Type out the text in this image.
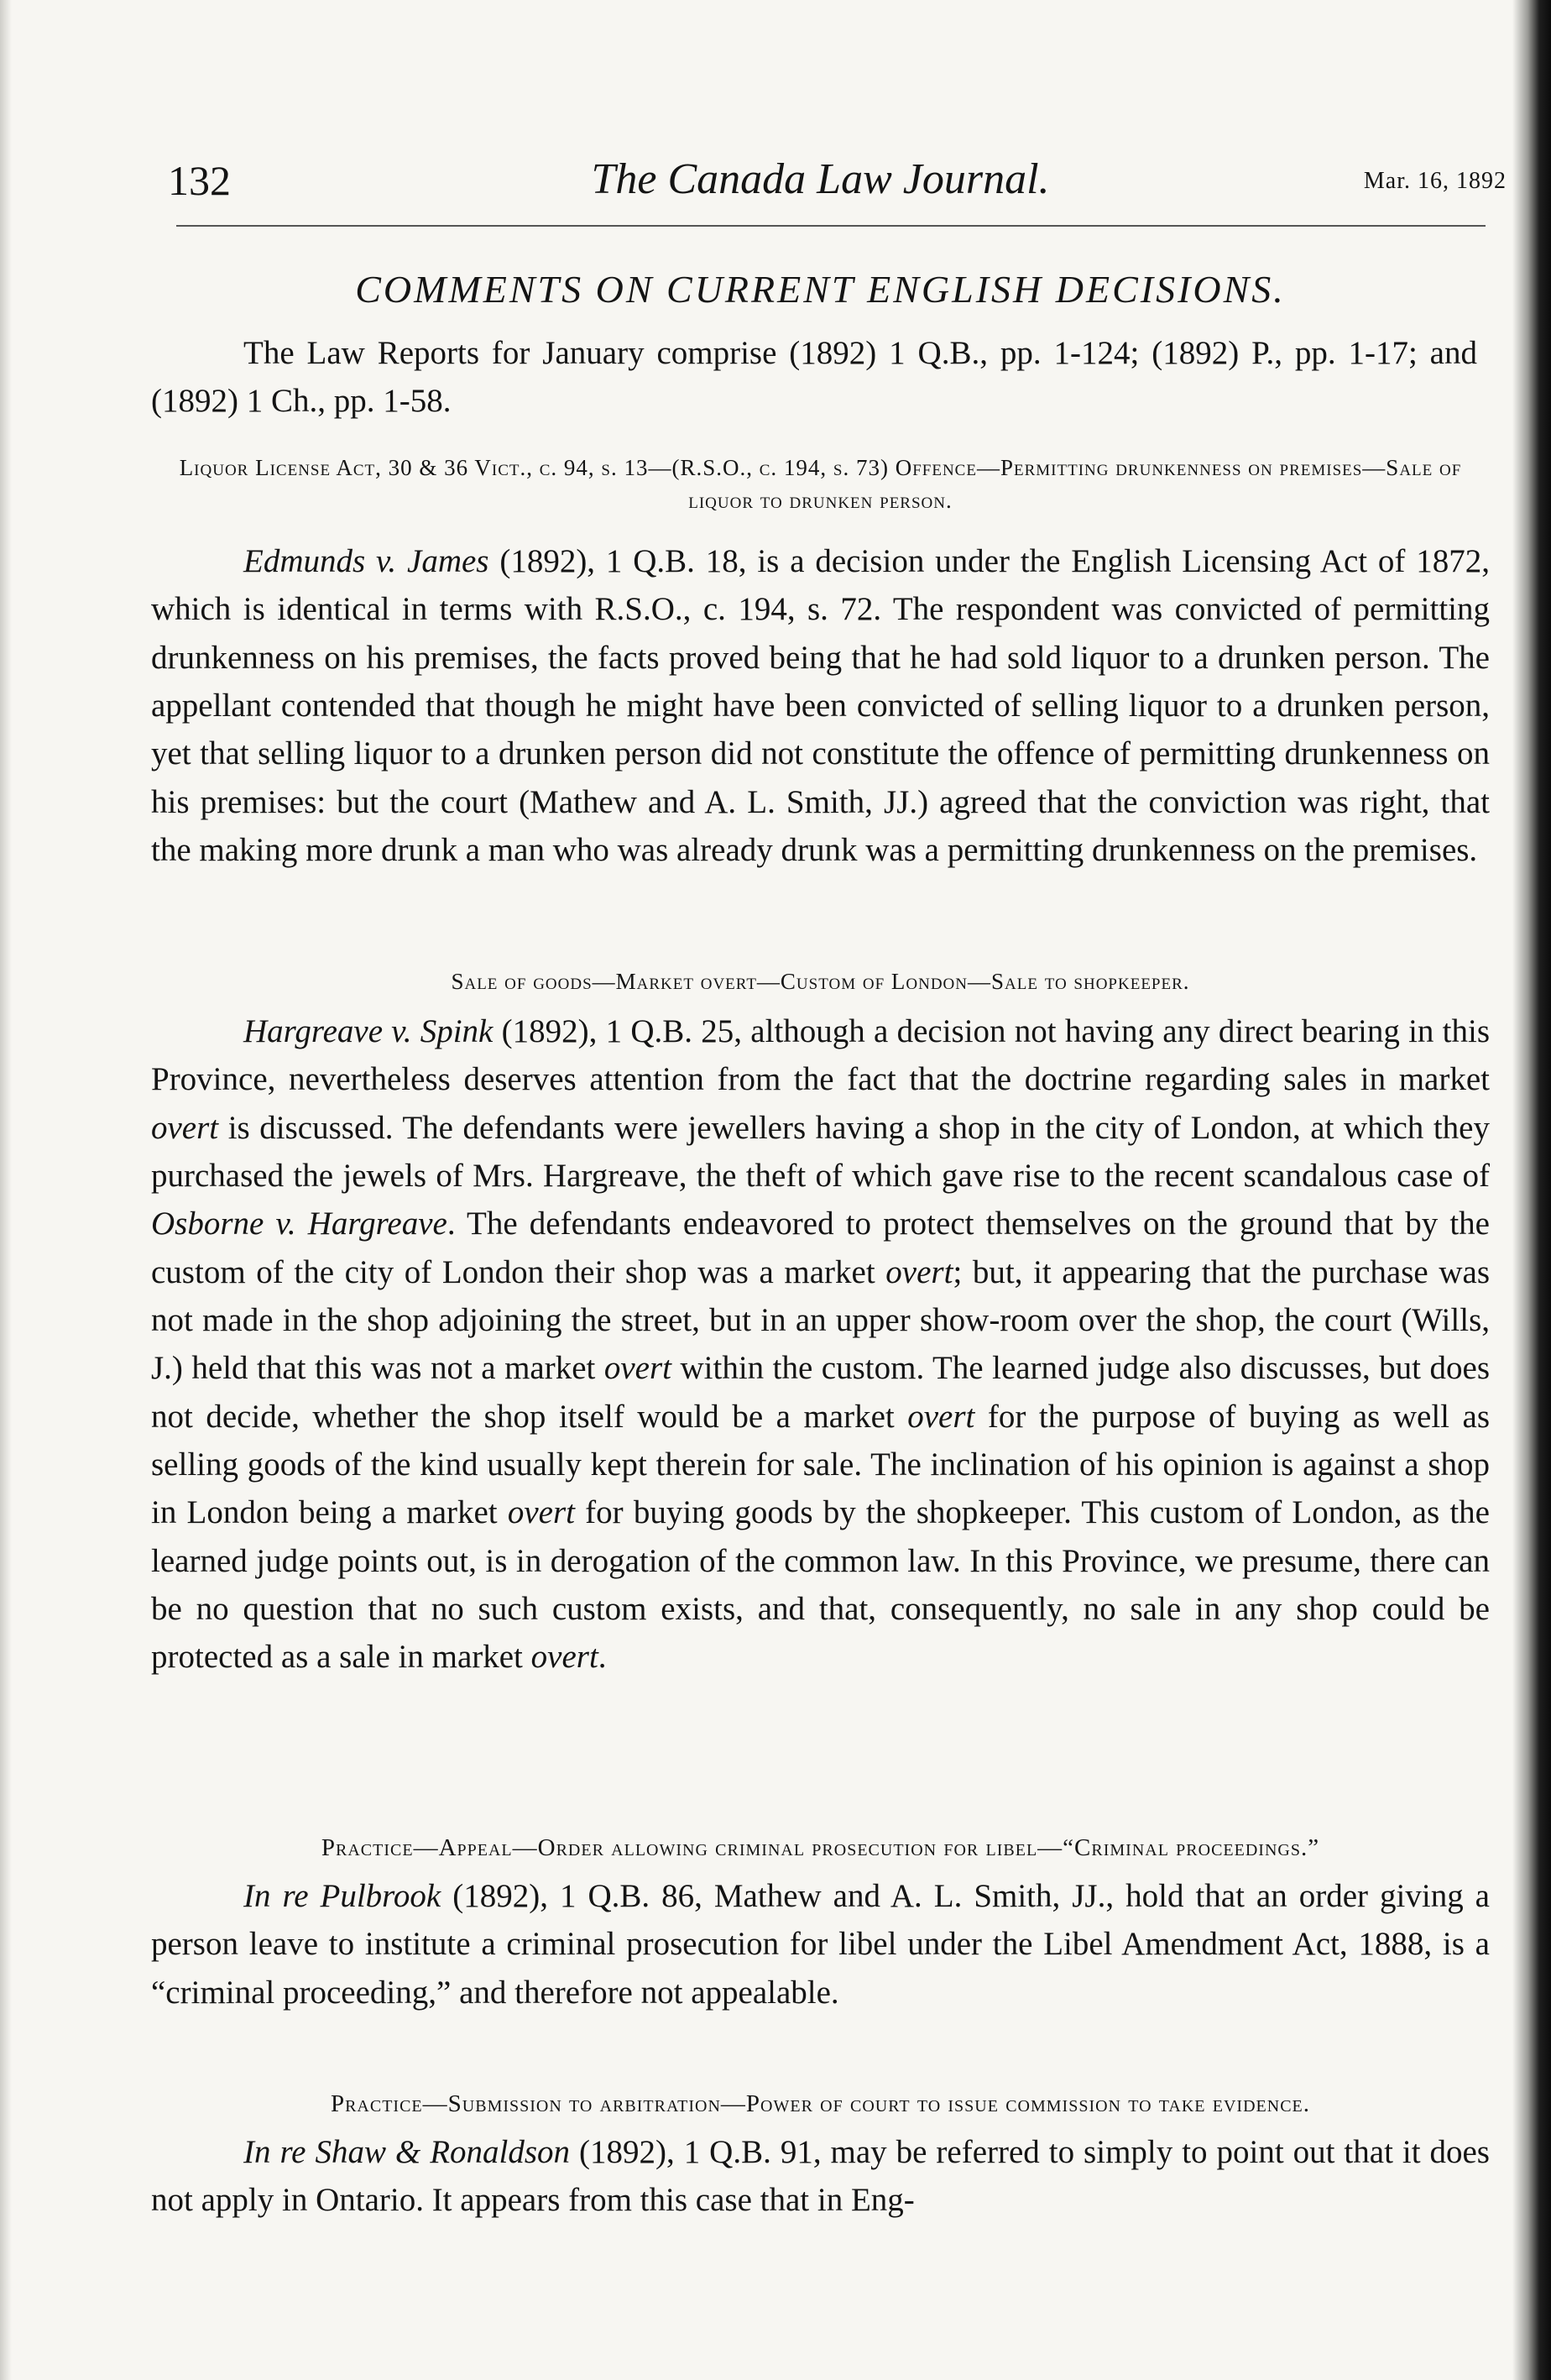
132	The Canada Law Journal.	Mar. 16, 1892
COMMENTS ON CURRENT ENGLISH DECISIONS.

The Law Reports for January comprise (1892) 1 Q.B., pp. 1-124; (1892) P., pp. 1-17; and (1892) 1 Ch., pp. 1-58.

Liquor License Act, 30 & 36 Vict., c. 94, s. 13—(R.S.O., c. 194, s. 73) Offence—Permitting drunkenness on premises—Sale of liquor to drunken person.

Edmunds v. James (1892), 1 Q.B. 18, is a decision under the English Licensing Act of 1872, which is identical in terms with R.S.O., c. 194, s. 72. The respondent was convicted of permitting drunkenness on his premises, the facts proved being that he had sold liquor to a drunken person. The appellant contended that though he might have been convicted of selling liquor to a drunken person, yet that selling liquor to a drunken person did not constitute the offence of permitting drunkenness on his premises: but the court (Mathew and A. L. Smith, JJ.) agreed that the conviction was right, that the making more drunk a man who was already drunk was a permitting drunkenness on the premises.

Sale of goods—Market overt—Custom of London—Sale to shopkeeper.

Hargreave v. Spink (1892), 1 Q.B. 25, although a decision not having any direct bearing in this Province, nevertheless deserves attention from the fact that the doctrine regarding sales in market overt is discussed. The defendants were jewellers having a shop in the city of London, at which they purchased the jewels of Mrs. Hargreave, the theft of which gave rise to the recent scandalous case of Osborne v. Hargreave. The defendants endeavored to protect themselves on the ground that by the custom of the city of London their shop was a market overt; but, it appearing that the purchase was not made in the shop adjoining the street, but in an upper show-room over the shop, the court (Wills, J.) held that this was not a market overt within the custom. The learned judge also discusses, but does not decide, whether the shop itself would be a market overt for the purpose of buying as well as selling goods of the kind usually kept therein for sale. The inclination of his opinion is against a shop in London being a market overt for buying goods by the shopkeeper. This custom of London, as the learned judge points out, is in derogation of the common law. In this Province, we presume, there can be no question that no such custom exists, and that, consequently, no sale in any shop could be protected as a sale in market overt.

Practice—Appeal—Order allowing criminal prosecution for libel—“Criminal proceedings.”

In re Pulbrook (1892), 1 Q.B. 86, Mathew and A. L. Smith, JJ., hold that an order giving a person leave to institute a criminal prosecution for libel under the Libel Amendment Act, 1888, is a “criminal proceeding,” and therefore not appealable.

Practice—Submission to arbitration—Power of court to issue commission to take evidence.

In re Shaw & Ronaldson (1892), 1 Q.B. 91, may be referred to simply to point out that it does not apply in Ontario. It appears from this case that in Eng-
